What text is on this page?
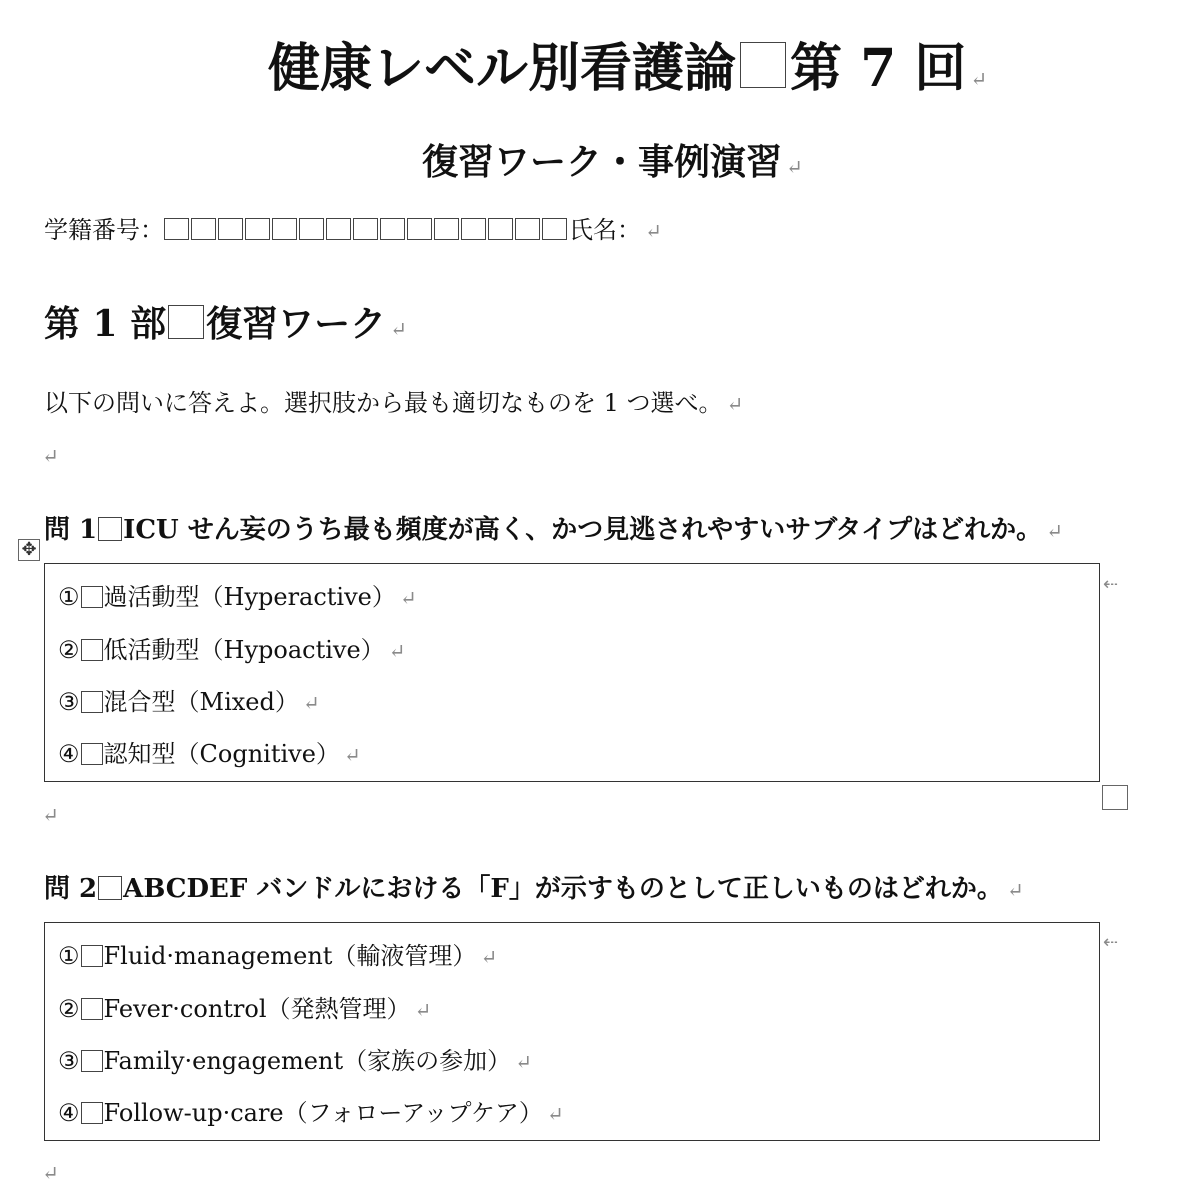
健康レベル別看護論 第 7 回 ↵
復習ワーク・事例演習 ↵
学籍番号：	氏名： ↵
第 1 部 復習ワーク ↵
以下の問いに答えよ。選択肢から最も適切なものを 1 つ選べ。 ↵
↵
問 1 ICU せん妄のうち最も頻度が高く、かつ見逃されやすいサブタイプはどれか。 ↵
✥
① 過活動型（Hyperactive） ↵
② 低活動型（Hypoactive） ↵
③ 混合型（Mixed） ↵
④ 認知型（Cognitive） ↵
⇠
↵
問 2 ABCDEF バンドルにおける「F」が示すものとして正しいものはどれか。 ↵
① Fluid·management（輸液管理） ↵
② Fever·control（発熱管理） ↵
③ Family·engagement（家族の参加） ↵
④ Follow-up·care（フォローアップケア） ↵
⇠
↵
